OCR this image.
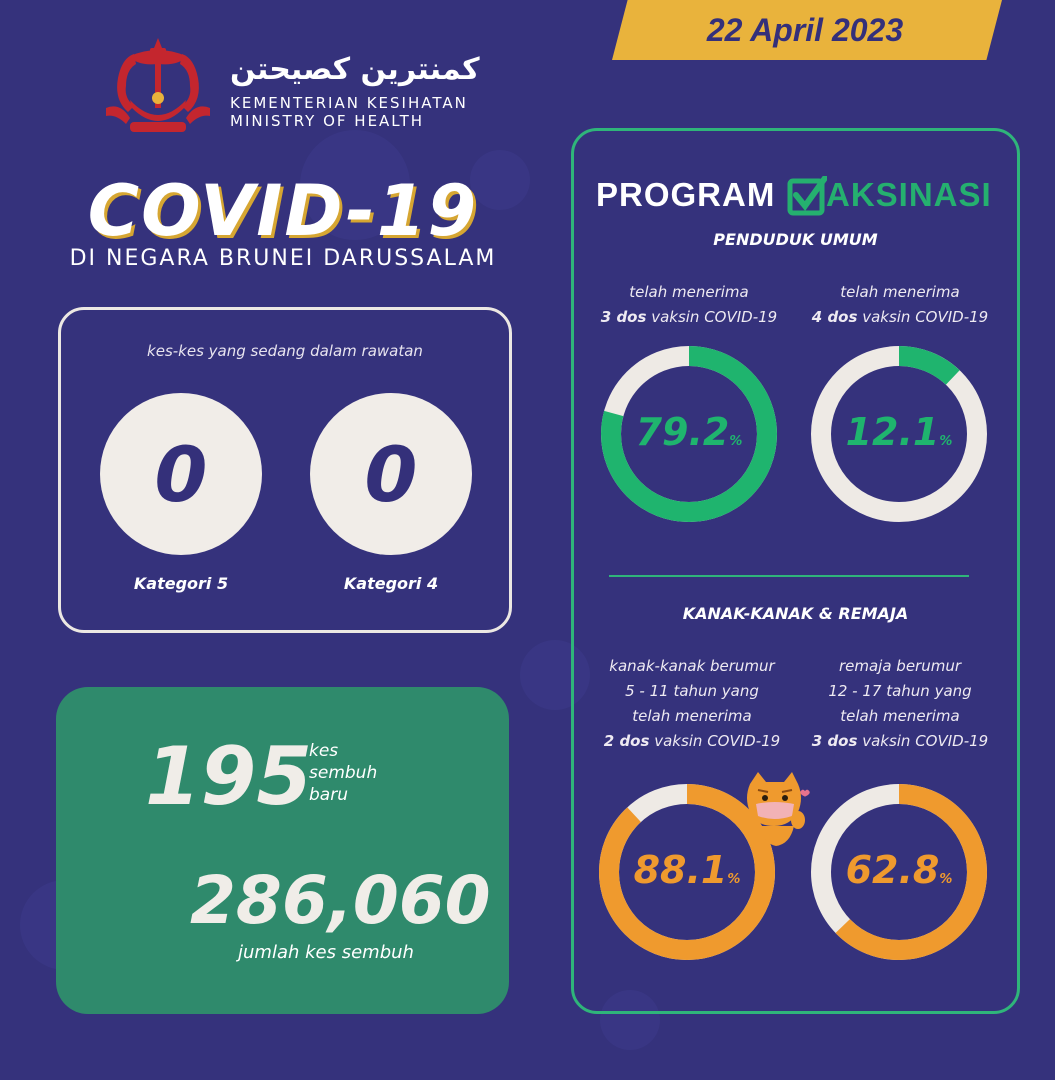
22 April 2023
كمنترين كصيحتن
KEMENTERIAN KESIHATAN
MINISTRY OF HEALTH
COVID-19
DI NEGARA BRUNEI DARUSSALAM
kes-kes yang sedang dalam rawatan
0	0
Kategori 5	Kategori 4
195
kes
sembuh
baru
286,060
jumlah kes sembuh
PROGRAM AKSINASI
PENDUDUK UMUM
telah menerima
3 dos vaksin COVID-19
telah menerima
4 dos vaksin COVID-19
79.2%	12.1%
KANAK-KANAK & REMAJA
kanak-kanak berumur
5 - 11 tahun yang
telah menerima
2 dos vaksin COVID-19
remaja berumur
12 - 17 tahun yang
telah menerima
3 dos vaksin COVID-19
88.1%	62.8%
